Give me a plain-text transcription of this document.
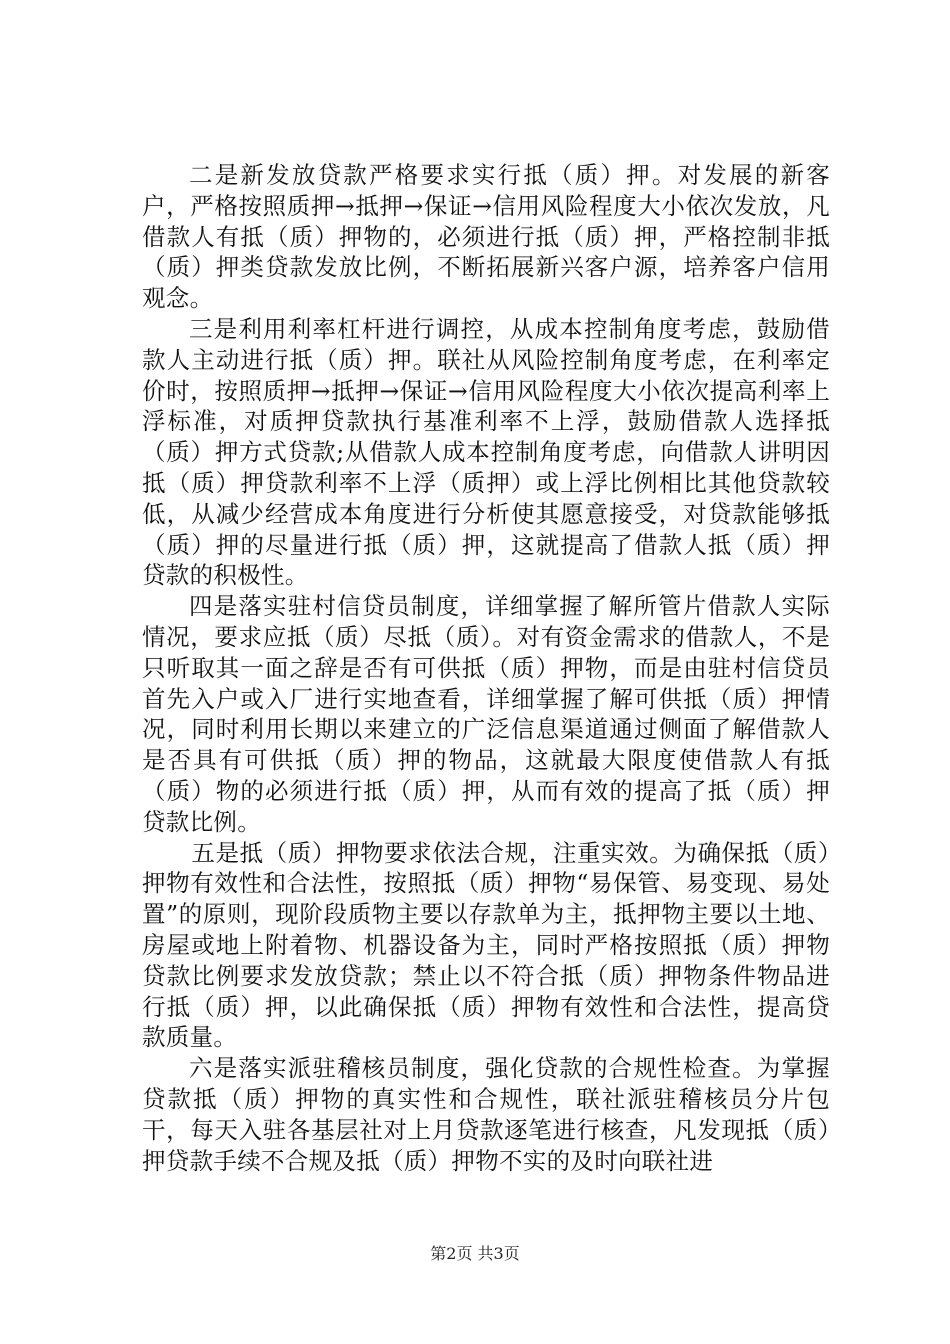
二是新发放贷款严格要求实行抵（质）押。对发展的新客户，严格按照质押→抵押→保证→信用风险程度大小依次发放，凡借款人有抵（质）押物的，必须进行抵（质）押，严格控制非抵（质）押类贷款发放比例，不断拓展新兴客户源，培养客户信用观念。

三是利用利率杠杆进行调控，从成本控制角度考虑，鼓励借款人主动进行抵（质）押。联社从风险控制角度考虑，在利率定价时，按照质押→抵押→保证→信用风险程度大小依次提高利率上浮标准，对质押贷款执行基准利率不上浮，鼓励借款人选择抵（质）押方式贷款;从借款人成本控制角度考虑，向借款人讲明因抵（质）押贷款利率不上浮（质押）或上浮比例相比其他贷款较低，从减少经营成本角度进行分析使其愿意接受，对贷款能够抵（质）押的尽量进行抵（质）押，这就提高了借款人抵（质）押贷款的积极性。

四是落实驻村信贷员制度，详细掌握了解所管片借款人实际情况，要求应抵（质）尽抵（质）。对有资金需求的借款人，不是只听取其一面之辞是否有可供抵（质）押物，而是由驻村信贷员首先入户或入厂进行实地查看，详细掌握了解可供抵（质）押情况，同时利用长期以来建立的广泛信息渠道通过侧面了解借款人是否具有可供抵（质）押的物品，这就最大限度使借款人有抵（质）物的必须进行抵（质）押，从而有效的提高了抵（质）押贷款比例。

五是抵（质）押物要求依法合规，注重实效。为确保抵（质）押物有效性和合法性，按照抵（质）押物“易保管、易变现、易处置”的原则，现阶段质物主要以存款单为主，抵押物主要以土地、房屋或地上附着物、机器设备为主，同时严格按照抵（质）押物贷款比例要求发放贷款；禁止以不符合抵（质）押物条件物品进行抵（质）押，以此确保抵（质）押物有效性和合法性，提高贷款质量。

六是落实派驻稽核员制度，强化贷款的合规性检查。为掌握贷款抵（质）押物的真实性和合规性，联社派驻稽核员分片包干，每天入驻各基层社对上月贷款逐笔进行核查，凡发现抵（质）押贷款手续不合规及抵（质）押物不实的及时向联社进

第2页 共3页
